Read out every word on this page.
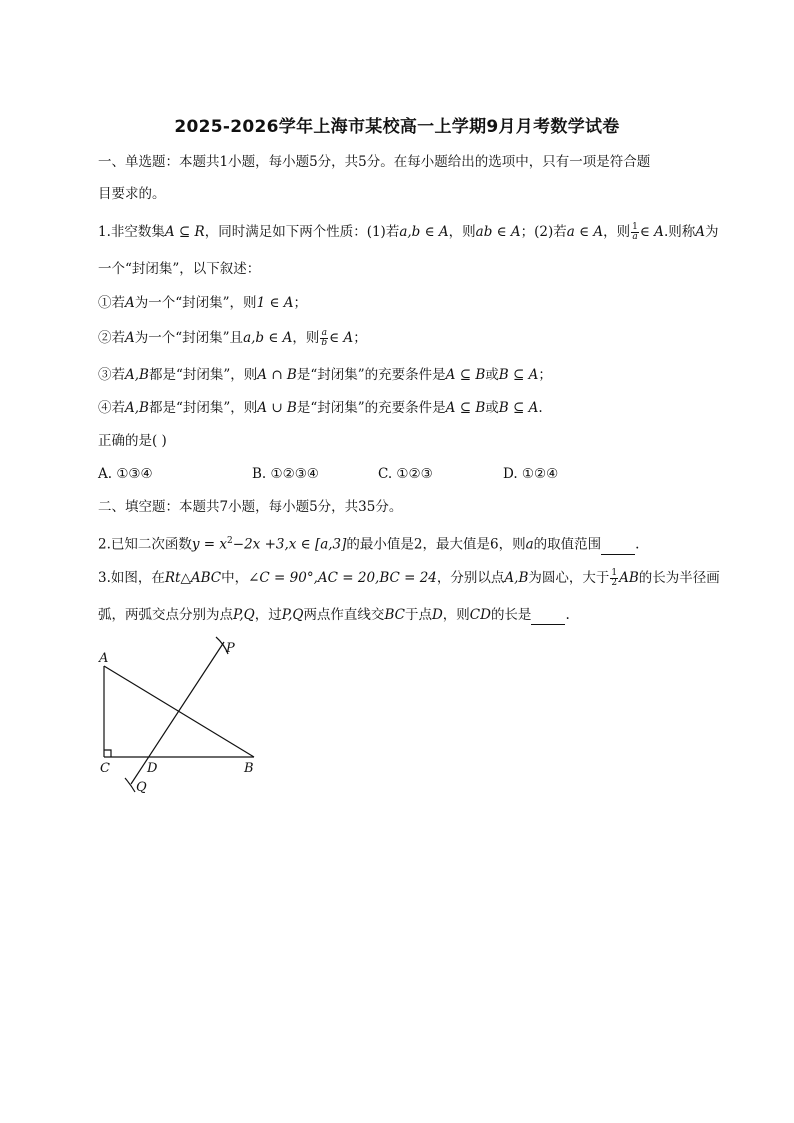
2025-2026学年上海市某校高一上学期9月月考数学试卷
一、单选题：本题共1小题，每小题5分，共5分。在每小题给出的选项中，只有一项是符合题
目要求的。
1.非空数集A ⊆ R，同时满足如下两个性质：(1)若a,b ∈ A，则ab ∈ A；(2)若a ∈ A，则 $\frac{1}{a}$ ∈ A.则称A为
一个“封闭集”，以下叙述：
①若A为一个“封闭集”，则1 ∈ A；
②若A为一个“封闭集”且a,b ∈ A，则 $\frac{a}{b}$ ∈ A；
③若A,B都是“封闭集”，则A ∩ B是“封闭集”的充要条件是A ⊆ B或B ⊆ A；
④若A,B都是“封闭集”，则A ∪ B是“封闭集”的充要条件是A ⊆ B或B ⊆ A.
正确的是( )
A. ①③④	B. ①②③④	C. ①②③	D. ①②④
二、填空题：本题共7小题，每小题5分，共35分。
2.已知二次函数$y = x^2-2x +3,x$ ∈ [a,3]的最小值是2，最大值是6，则a的取值范围	.
3.如图，在Rt△ABC中，∠C = 90°,AC = 20,BC = 24，分别以点A,B为圆心，大于 $\frac{1}{2}$ AB的长为半径画
弧，两弧交点分别为点P,Q，过P,Q两点作直线交BC于点D，则CD的长是	.
A
C	D	B
P
Q
